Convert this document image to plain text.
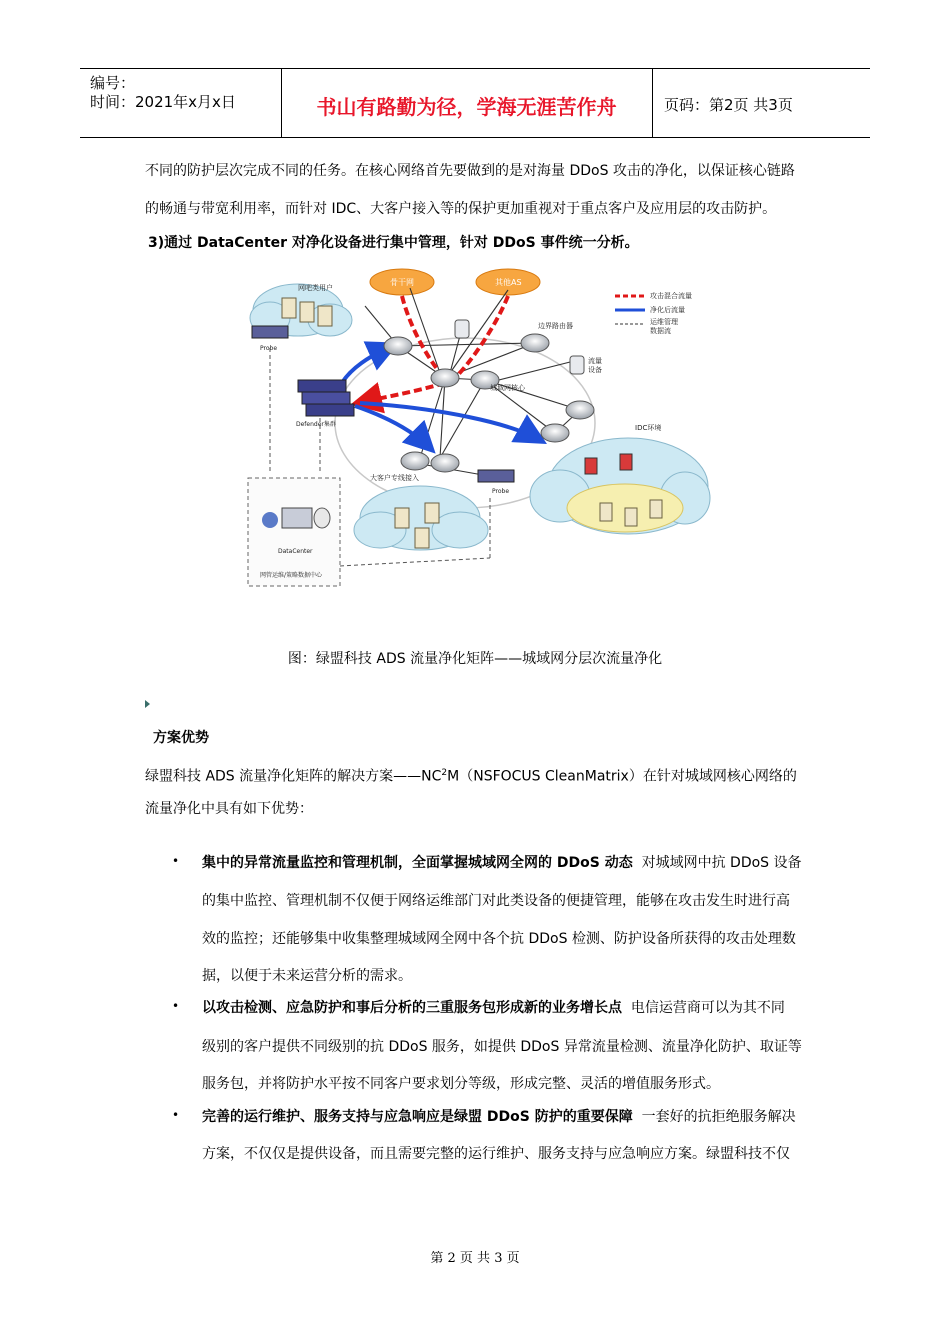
编号：
时间：2021年x月x日	书山有路勤为径，学海无涯苦作舟	页码：第2页 共3页
不同的防护层次完成不同的任务。在核心网络首先要做到的是对海量 DDoS 攻击的净化，以保证核心链路
的畅通与带宽利用率，而针对 IDC、大客户接入等的保护更加重视对于重点客户及应用层的攻击防护。
3)通过 DataCenter 对净化设备进行集中管理，针对 DDoS 事件统一分析。
骨干网	其他AS
攻击混合流量
净化后流量
运维管理
数据流
网吧类用户
Probe
边界路由器
流量
设备
城域网核心
Defender集群	IDC环境
大客户专线接入
Probe
DataCenter
网管运维/策略数据中心
图：绿盟科技 ADS 流量净化矩阵——城域网分层次流量净化
方案优势
绿盟科技 ADS 流量净化矩阵的解决方案$——NC^2M(NSFOCUS$ CleanMatrix）在针对城域网核心网络的
流量净化中具有如下优势：
• 集中的异常流量监控和管理机制，全面掌握城域网全网的 DDoS 动态 对城域网中抗 DDoS 设备
的集中监控、管理机制不仅便于网络运维部门对此类设备的便捷管理，能够在攻击发生时进行高
效的监控；还能够集中收集整理城域网全网中各个抗 DDoS 检测、防护设备所获得的攻击处理数
据，以便于未来运营分析的需求。
• 以攻击检测、应急防护和事后分析的三重服务包形成新的业务增长点 电信运营商可以为其不同
级别的客户提供不同级别的抗 DDoS 服务，如提供 DDoS 异常流量检测、流量净化防护、取证等
服务包，并将防护水平按不同客户要求划分等级，形成完整、灵活的增值服务形式。
• 完善的运行维护、服务支持与应急响应是绿盟 DDoS 防护的重要保障 一套好的抗拒绝服务解决
方案，不仅仅是提供设备，而且需要完整的运行维护、服务支持与应急响应方案。绿盟科技不仅
第 2 页 共 3 页
